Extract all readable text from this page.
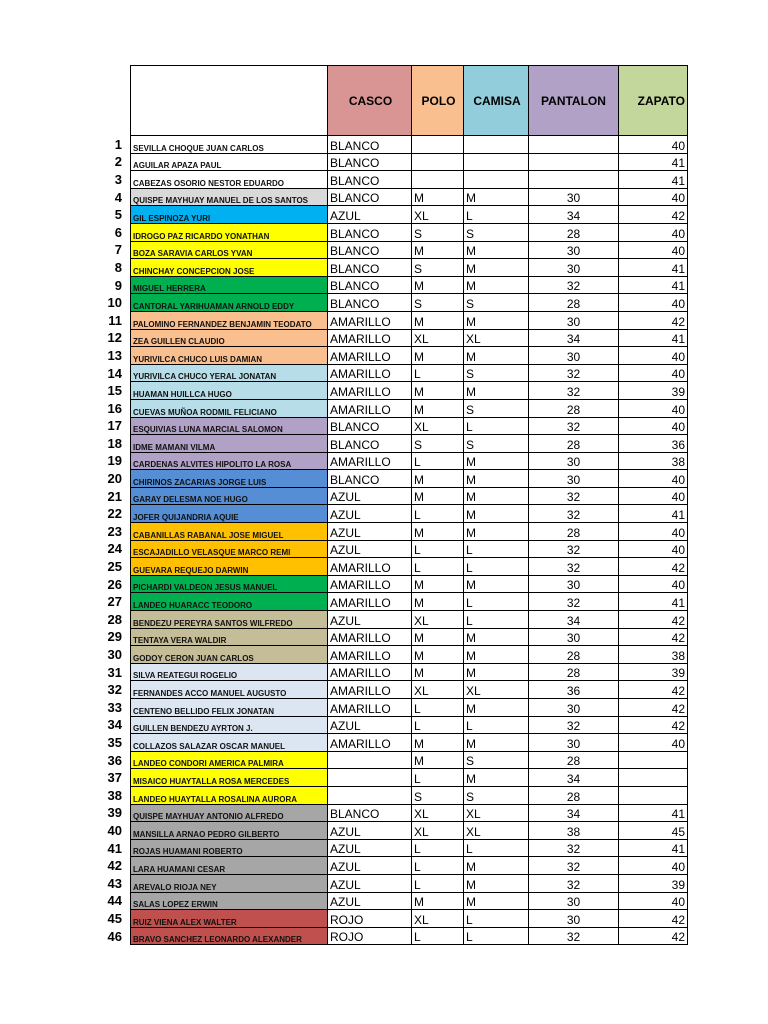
		CASCO	POLO	CAMISA	PANTALON	ZAPATO
1	SEVILLA CHOQUE JUAN CARLOS	BLANCO				40
2	AGUILAR APAZA PAUL	BLANCO				41
3	CABEZAS OSORIO NESTOR EDUARDO	BLANCO				41
4	QUISPE MAYHUAY MANUEL DE LOS SANTOS	BLANCO	M	M	30	40
5	GIL ESPINOZA YURI	AZUL	XL	L	34	42
6	IDROGO PAZ RICARDO YONATHAN	BLANCO	S	S	28	40
7	BOZA SARAVIA CARLOS YVAN	BLANCO	M	M	30	40
8	CHINCHAY CONCEPCION JOSE	BLANCO	S	M	30	41
9	MIGUEL HERRERA	BLANCO	M	M	32	41
10	CANTORAL YARIHUAMAN ARNOLD EDDY	BLANCO	S	S	28	40
11	PALOMINO FERNANDEZ BENJAMIN TEODATO	AMARILLO	M	M	30	42
12	ZEA GUILLEN CLAUDIO	AMARILLO	XL	XL	34	41
13	YURIVILCA CHUCO LUIS DAMIAN	AMARILLO	M	M	30	40
14	YURIVILCA CHUCO YERAL JONATAN	AMARILLO	L	S	32	40
15	HUAMAN HUILLCA HUGO	AMARILLO	M	M	32	39
16	CUEVAS MUÑOA RODMIL FELICIANO	AMARILLO	M	S	28	40
17	ESQUIVIAS LUNA MARCIAL SALOMON	BLANCO	XL	L	32	40
18	IDME MAMANI VILMA	BLANCO	S	S	28	36
19	CARDENAS ALVITES HIPOLITO LA ROSA	AMARILLO	L	M	30	38
20	CHIRINOS ZACARIAS JORGE LUIS	BLANCO	M	M	30	40
21	GARAY DELESMA NOE HUGO	AZUL	M	M	32	40
22	JOFER QUIJANDRIA AQUIE	AZUL	L	M	32	41
23	CABANILLAS RABANAL JOSE MIGUEL	AZUL	M	M	28	40
24	ESCAJADILLO VELASQUE MARCO REMI	AZUL	L	L	32	40
25	GUEVARA REQUEJO DARWIN	AMARILLO	L	L	32	42
26	PICHARDI VALDEON JESUS MANUEL	AMARILLO	M	M	30	40
27	LANDEO HUARACC TEODORO	AMARILLO	M	L	32	41
28	BENDEZU PEREYRA SANTOS WILFREDO	AZUL	XL	L	34	42
29	TENTAYA VERA WALDIR	AMARILLO	M	M	30	42
30	GODOY CERON JUAN CARLOS	AMARILLO	M	M	28	38
31	SILVA REATEGUI ROGELIO	AMARILLO	M	M	28	39
32	FERNANDES ACCO MANUEL AUGUSTO	AMARILLO	XL	XL	36	42
33	CENTENO BELLIDO FELIX JONATAN	AMARILLO	L	M	30	42
34	GUILLEN BENDEZU AYRTON J.	AZUL	L	L	32	42
35	COLLAZOS SALAZAR OSCAR MANUEL	AMARILLO	M	M	30	40
36	LANDEO CONDORI AMERICA PALMIRA		M	S	28	
37	MISAICO HUAYTALLA ROSA MERCEDES		L	M	34	
38	LANDEO HUAYTALLA ROSALINA AURORA		S	S	28	
39	QUISPE MAYHUAY ANTONIO ALFREDO	BLANCO	XL	XL	34	41
40	MANSILLA ARNAO PEDRO GILBERTO	AZUL	XL	XL	38	45
41	ROJAS HUAMANI ROBERTO	AZUL	L	L	32	41
42	LARA HUAMANI CESAR	AZUL	L	M	32	40
43	AREVALO RIOJA NEY	AZUL	L	M	32	39
44	SALAS LOPEZ ERWIN	AZUL	M	M	30	40
45	RUIZ VIENA ALEX WALTER	ROJO	XL	L	30	42
46	BRAVO SANCHEZ LEONARDO ALEXANDER	ROJO	L	L	32	42
